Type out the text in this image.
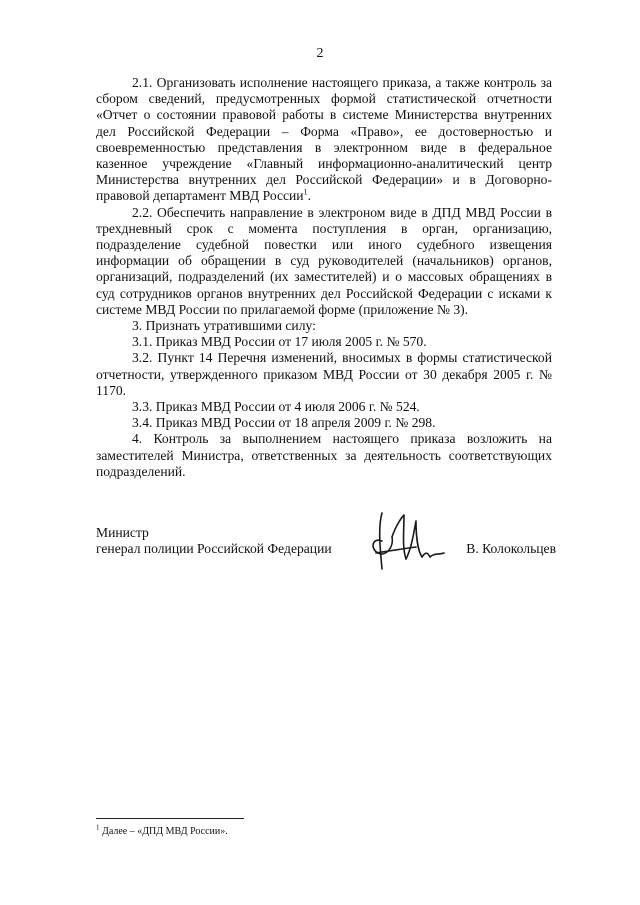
2

2.1. Организовать исполнение настоящего приказа, а также контроль за сбором сведений, предусмотренных формой статистической отчетности «Отчет о состоянии правовой работы в системе Министерства внутренних дел Российской Федерации – Форма «Право», ее достоверностью и своевременностью представления в электронном виде в федеральное казенное учреждение «Главный информационно-аналитический центр Министерства внутренних дел Российской Федерации» и в Договорно-правовой департамент МВД России$^1$.

2.2. Обеспечить направление в электроном виде в ДПД МВД России в трехдневный срок с момента поступления в орган, организацию, подразделение судебной повестки или иного судебного извещения информации об обращении в суд руководителей (начальников) органов, организаций, подразделений (их заместителей) и о массовых обращениях в суд сотрудников органов внутренних дел Российской Федерации с исками к системе МВД России по прилагаемой форме (приложение № 3).

3. Признать утратившими силу:

3.1. Приказ МВД России от 17 июля 2005 г. № 570.

3.2. Пункт 14 Перечня изменений, вносимых в формы статистической отчетности, утвержденного приказом МВД России от 30 декабря 2005 г. № 1170.

3.3. Приказ МВД России от 4 июля 2006 г. № 524.

3.4. Приказ МВД России от 18 апреля 2009 г. № 298.

4. Контроль за выполнением настоящего приказа возложить на заместителей Министра, ответственных за деятельность соответствующих подразделений.

Министр
генерал полиции Российской Федерации	В. Колокольцев
$^1$ Далее – «ДПД МВД России».
